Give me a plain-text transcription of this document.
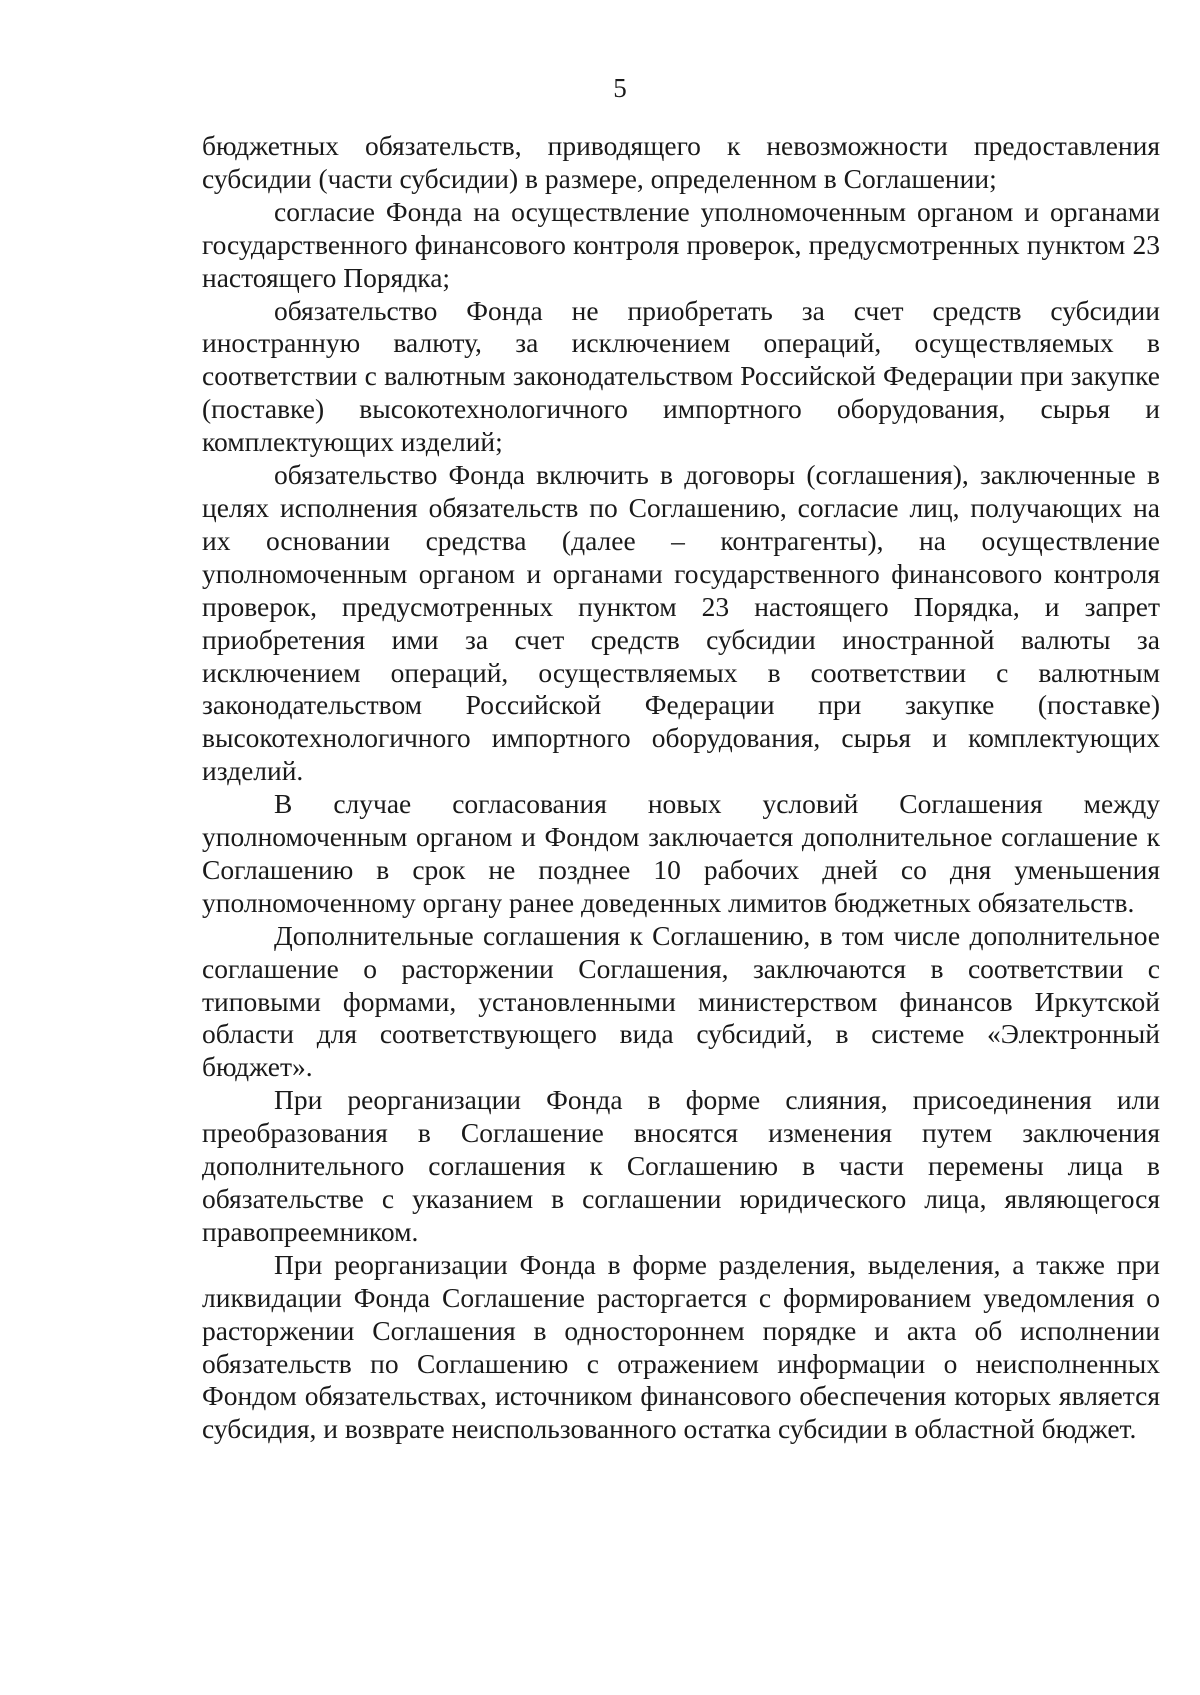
5

бюджетных обязательств, приводящего к невозможности предоставления субсидии (части субсидии) в размере, определенном в Соглашении;

согласие Фонда на осуществление уполномоченным органом и органами государственного финансового контроля проверок, предусмотренных пунктом 23 настоящего Порядка;

обязательство Фонда не приобретать за счет средств субсидии иностранную валюту, за исключением операций, осуществляемых в соответствии с валютным законодательством Российской Федерации при закупке (поставке) высокотехнологичного импортного оборудования, сырья и комплектующих изделий;

обязательство Фонда включить в договоры (соглашения), заключенные в целях исполнения обязательств по Соглашению, согласие лиц, получающих на их основании средства (далее – контрагенты), на осуществление уполномоченным органом и органами государственного финансового контроля проверок, предусмотренных пунктом 23 настоящего Порядка, и запрет приобретения ими за счет средств субсидии иностранной валюты за исключением операций, осуществляемых в соответствии с валютным законодательством Российской Федерации при закупке (поставке) высокотехнологичного импортного оборудования, сырья и комплектующих изделий.

В случае согласования новых условий Соглашения между уполномоченным органом и Фондом заключается дополнительное соглашение к Соглашению в срок не позднее 10 рабочих дней со дня уменьшения уполномоченному органу ранее доведенных лимитов бюджетных обязательств.

Дополнительные соглашения к Соглашению, в том числе дополнительное соглашение о расторжении Соглашения, заключаются в соответствии с типовыми формами, установленными министерством финансов Иркутской области для соответствующего вида субсидий, в системе «Электронный бюджет».

При реорганизации Фонда в форме слияния, присоединения или преобразования в Соглашение вносятся изменения путем заключения дополнительного соглашения к Соглашению в части перемены лица в обязательстве с указанием в соглашении юридического лица, являющегося правопреемником.

При реорганизации Фонда в форме разделения, выделения, а также при ликвидации Фонда Соглашение расторгается с формированием уведомления о расторжении Соглашения в одностороннем порядке и акта об исполнении обязательств по Соглашению с отражением информации о неисполненных Фондом обязательствах, источником финансового обеспечения которых является субсидия, и возврате неиспользованного остатка субсидии в областной бюджет.
